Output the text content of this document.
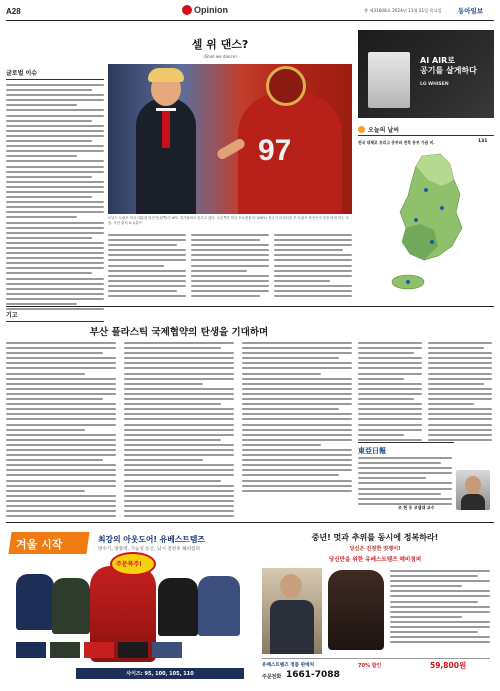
A28	Opinion	총 제31008호 2024년 11월 21일 목요일	동아일보
셀 위 댄스?
(Shall we dance)
글로벌 이슈
97
도널드 트럼프 미국 대통령 당선인(왼쪽)이 UFC 경기장에서 춤추고 있다. 오른쪽은 미국 프로풋볼리그(NFL) 선수가 터치다운 후 트럼프 당선인의 춤을 따라 하는 모습. 사진 출처 X·유튜브
AI AIR로
공기를 살게하다
LG WHISEN
오늘의 날씨
전국 대체로 흐리고 중부와 전북 동부 가끔 비.	131
기고
부산 플라스틱 국제협약의 탄생을 기대하며
조 현 웅 코넬대 교수
東亞日報
겨울 시작	최강의 아웃도어! 유베스트템즈
방수기, 방풍력, 기능성 등산, 낚시 전천후 헤비점퍼
주문폭주!
사이즈: 95, 100, 105, 110
중년! 멋과 추위를 동시에 정복하라!
당신은 진정한 멋쟁이!
당신만을 위한 유베스트템즈 헤비점퍼
70% 할인	59,800원
주문전화 1661-7088
유베스트템즈 정품 판매처
